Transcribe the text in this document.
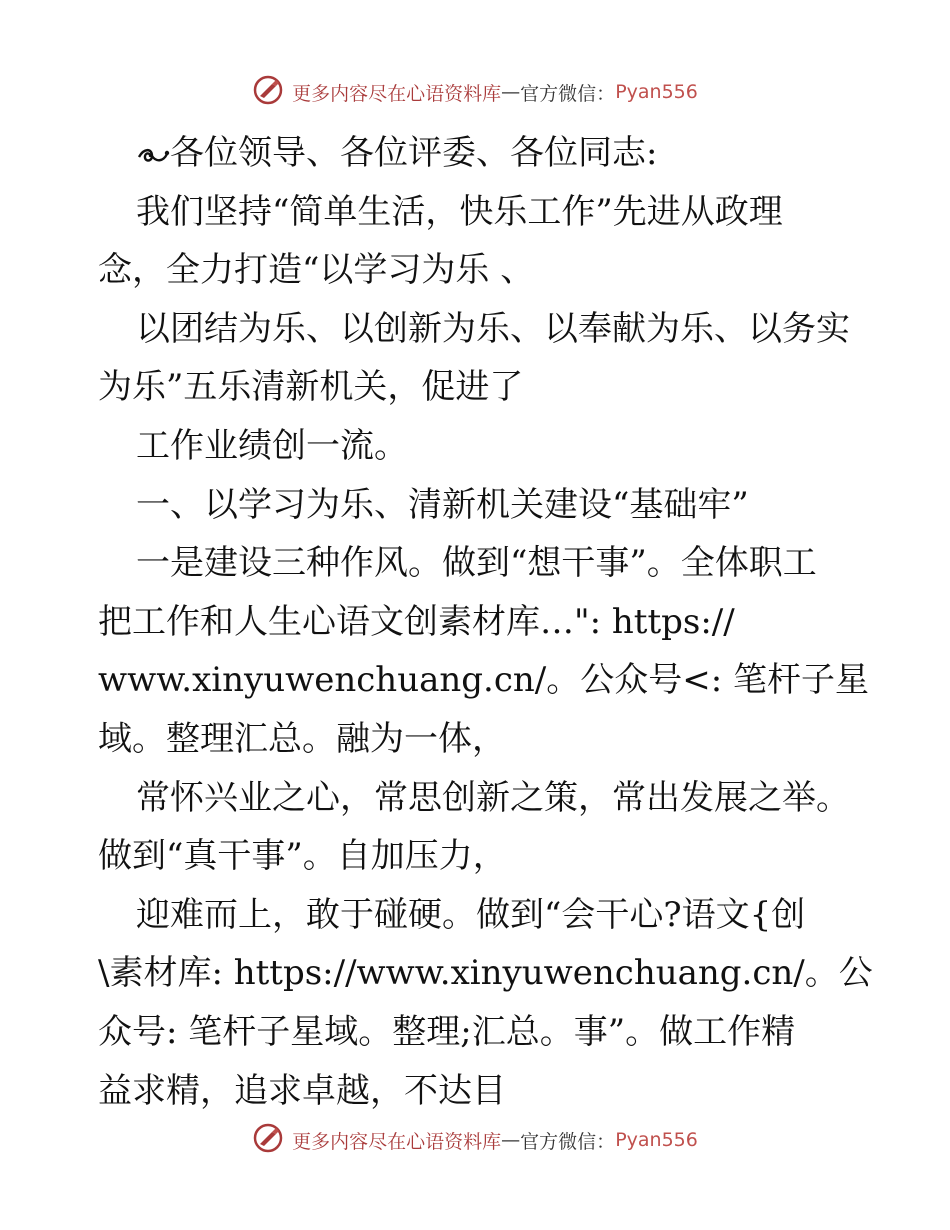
更多内容尽在心语资料库 — 官方微信： Pyan556
各位领导、各位评委、各位同志:
我们坚持“简单生活，快乐工作”先进从政理
念，全力打造“以学习为乐 、
以团结为乐、以创新为乐、以奉献为乐、以务实
为乐”五乐清新机关，促进了
工作业绩创一流。
一、以学习为乐、清新机关建设“基础牢”
一是建设三种作风。做到“想干事”。全体职工
把工作和人生心语文创素材库…": https://
www.xinyuwenchuang.cn/。公众号<: 笔杆子星
域。整理汇总。融为一体，
常怀兴业之心，常思创新之策，常出发展之举。
做到“真干事”。自加压力，
迎难而上，敢于碰硬。做到“会干心?语文{创
\素材库: https://www.xinyuwenchuang.cn/。公
众号: 笔杆子星域。整理;汇总。事”。做工作精
益求精，追求卓越，不达目
更多内容尽在心语资料库 — 官方微信： Pyan556
